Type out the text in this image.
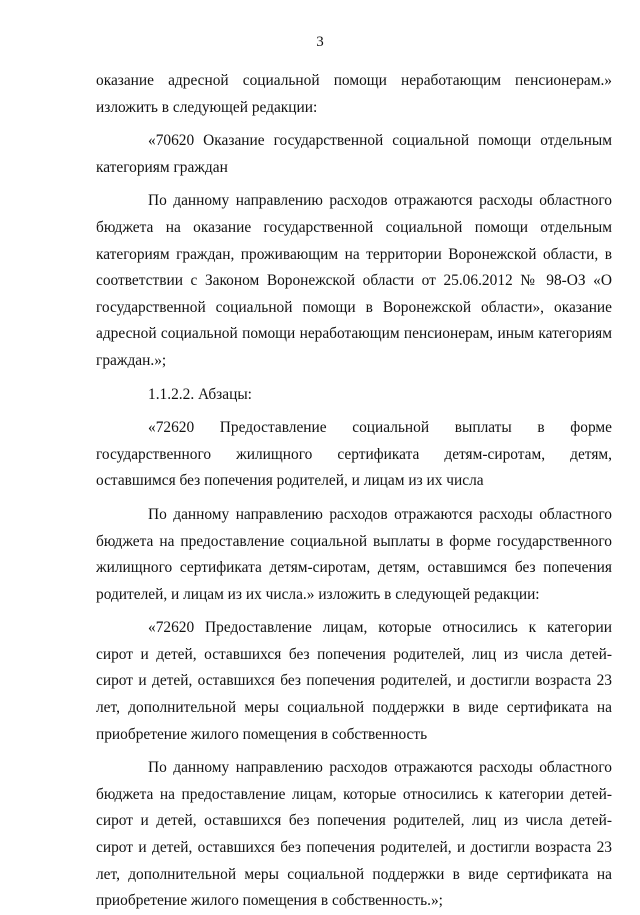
3
оказание адресной социальной помощи неработающим пенсионерам.»
изложить в следующей редакции:
«70620 Оказание государственной социальной помощи отдельным
категориям граждан
По данному направлению расходов отражаются расходы областного
бюджета на оказание государственной социальной помощи отдельным
категориям граждан, проживающим на территории Воронежской области, в
соответствии с Законом Воронежской области от 25.06.2012 № 98-ОЗ «О
государственной социальной помощи в Воронежской области», оказание
адресной социальной помощи неработающим пенсионерам, иным категориям
граждан.»;
1.1.2.2. Абзацы:
«72620 Предоставление социальной выплаты в форме
государственного жилищного сертификата детям-сиротам, детям,
оставшимся без попечения родителей, и лицам из их числа
По данному направлению расходов отражаются расходы областного
бюджета на предоставление социальной выплаты в форме государственного
жилищного сертификата детям-сиротам, детям, оставшимся без попечения
родителей, и лицам из их числа.» изложить в следующей редакции:
«72620 Предоставление лицам, которые относились к категории
сирот и детей, оставшихся без попечения родителей, лиц из числа детей-
сирот и детей, оставшихся без попечения родителей, и достигли возраста 23
лет, дополнительной меры социальной поддержки в виде сертификата на
приобретение жилого помещения в собственность
По данному направлению расходов отражаются расходы областного
бюджета на предоставление лицам, которые относились к категории детей-
сирот и детей, оставшихся без попечения родителей, лиц из числа детей-
сирот и детей, оставшихся без попечения родителей, и достигли возраста 23
лет, дополнительной меры социальной поддержки в виде сертификата на
приобретение жилого помещения в собственность.»;
